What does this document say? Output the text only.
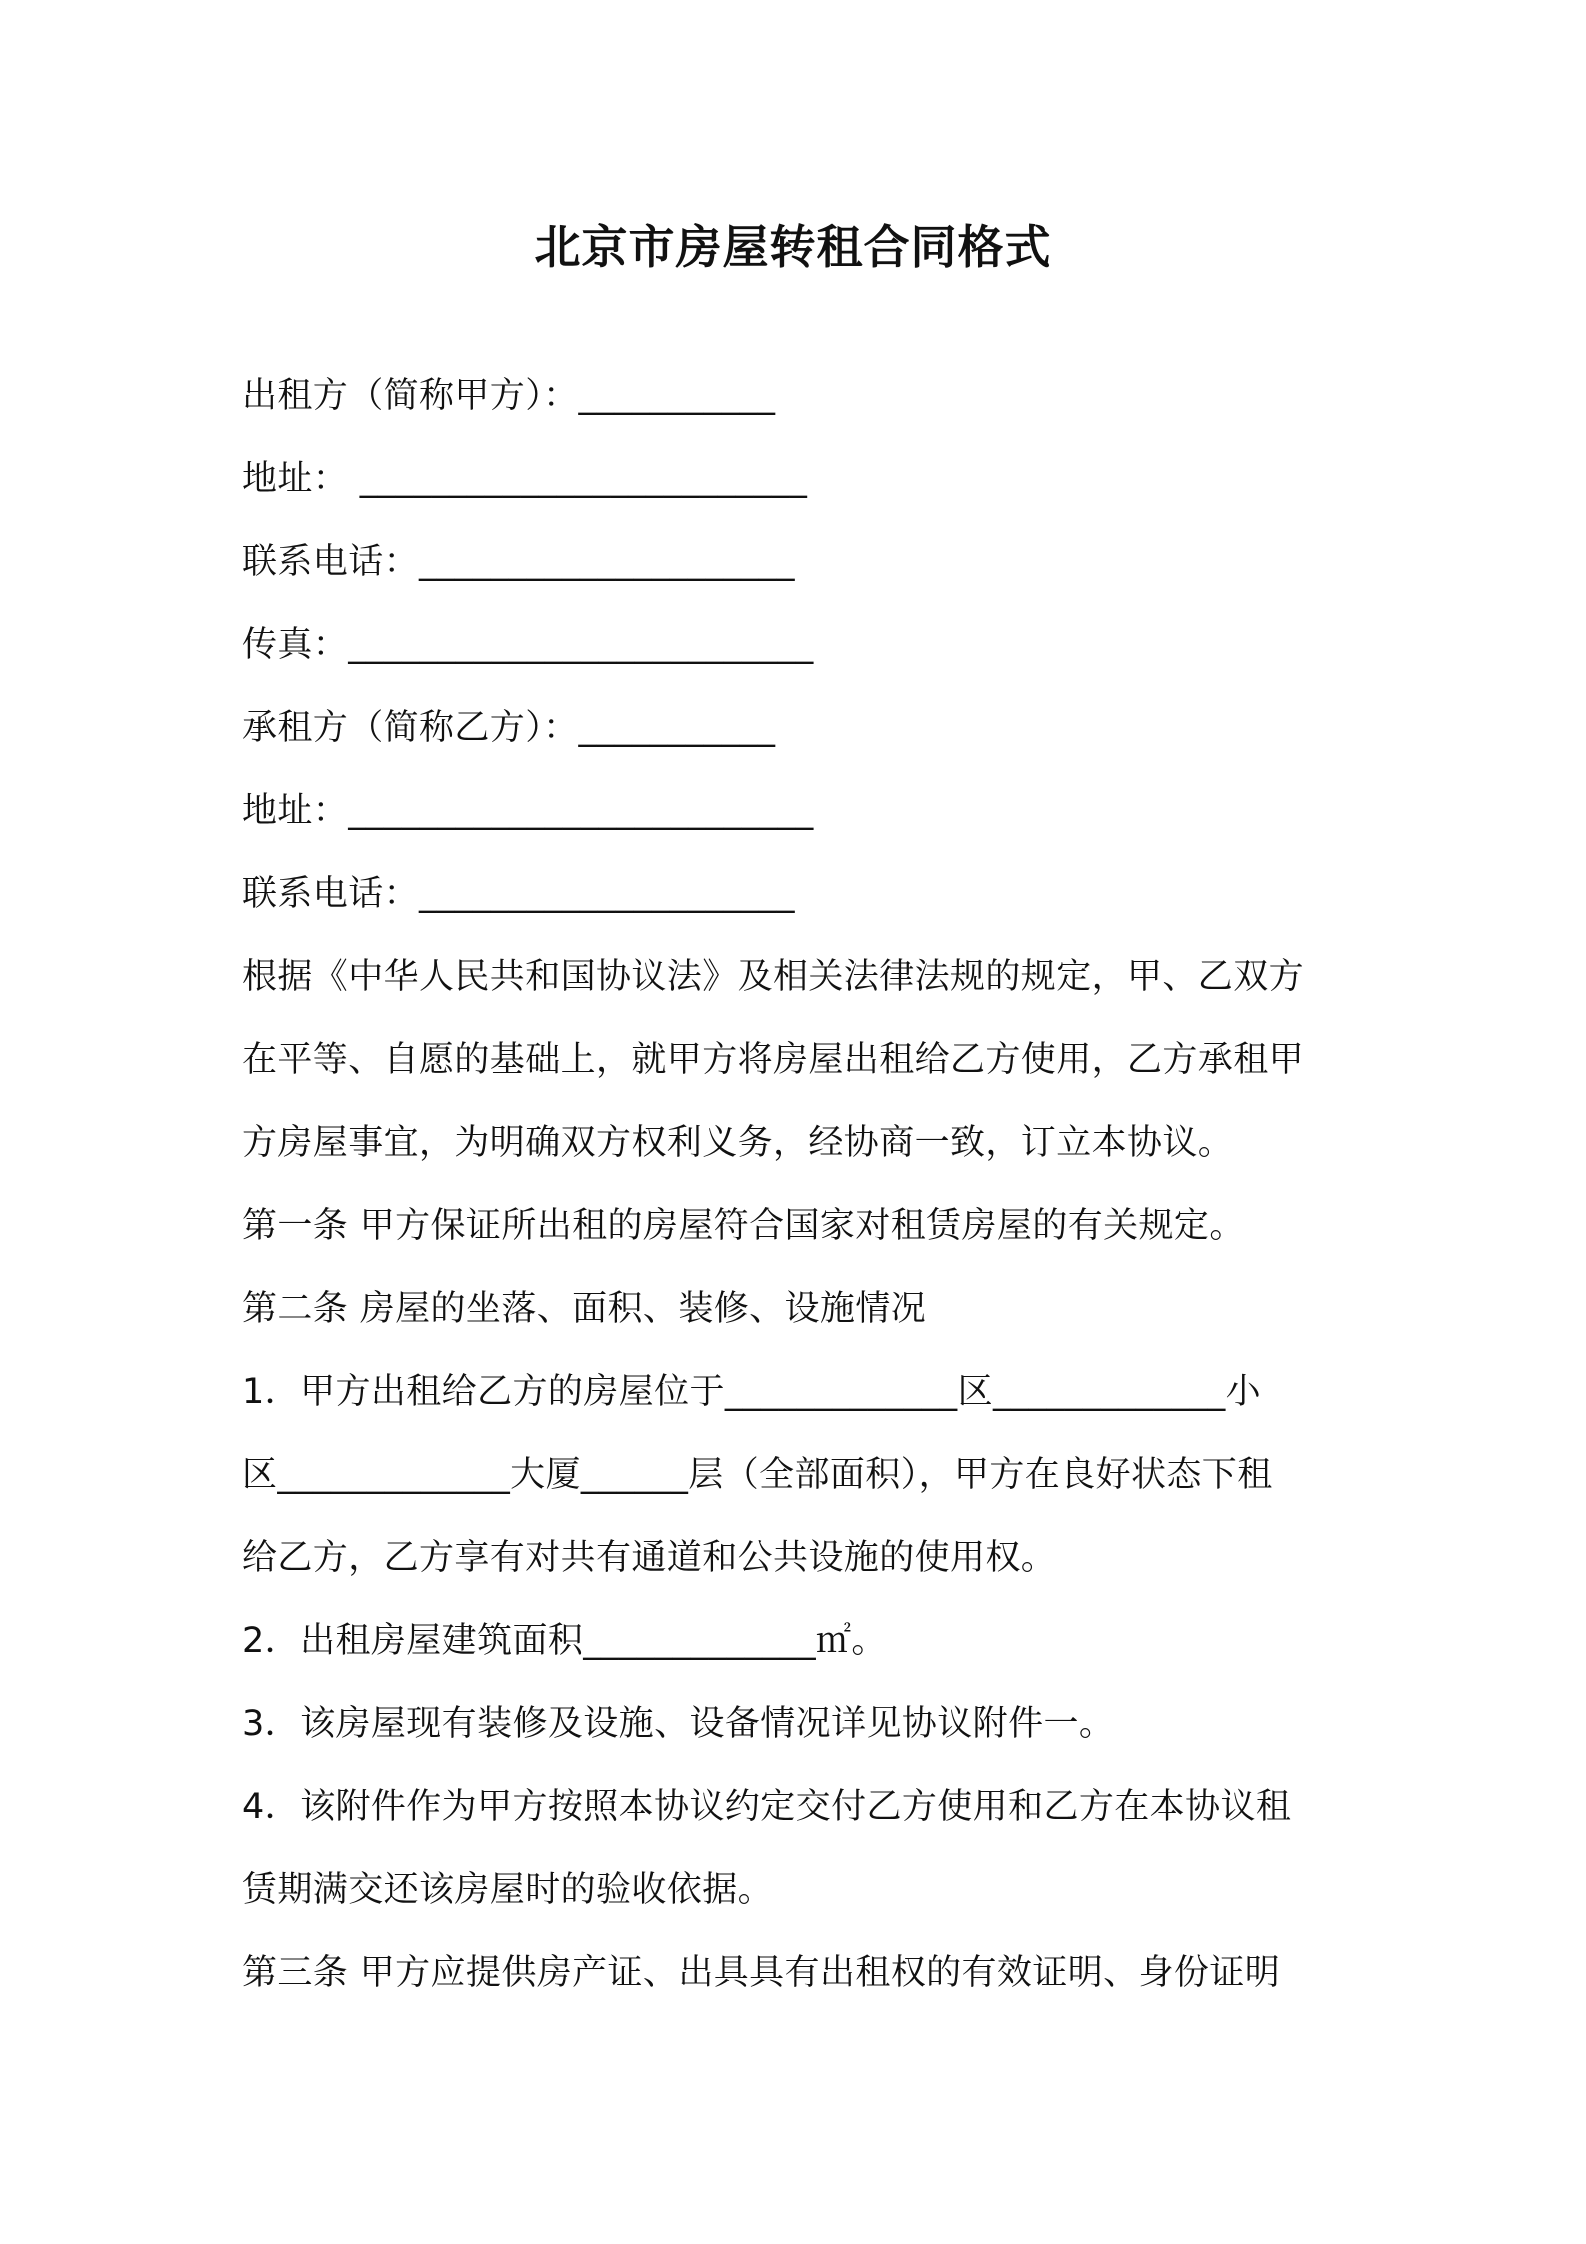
北京市房屋转租合同格式
出租方（简称甲方）：___________
地址： _________________________
联系电话：_____________________
传真：__________________________
承租方（简称乙方）：___________
地址：__________________________
联系电话：_____________________
根据《中华人民共和国协议法》及相关法律法规的规定，甲、乙双方
在平等、自愿的基础上，就甲方将房屋出租给乙方使用，乙方承租甲
方房屋事宜，为明确双方权利义务，经协商一致，订立本协议。
第一条 甲方保证所出租的房屋符合国家对租赁房屋的有关规定。
第二条 房屋的坐落、面积、装修、设施情况
1．甲方出租给乙方的房屋位于_____________区_____________小
区_____________大厦______层（全部面积），甲方在良好状态下租
给乙方，乙方享有对共有通道和公共设施的使用权。
2．出租房屋建筑面积_____________㎡。
3．该房屋现有装修及设施、设备情况详见协议附件一。
4．该附件作为甲方按照本协议约定交付乙方使用和乙方在本协议租
赁期满交还该房屋时的验收依据。
第三条 甲方应提供房产证、出具具有出租权的有效证明、身份证明
